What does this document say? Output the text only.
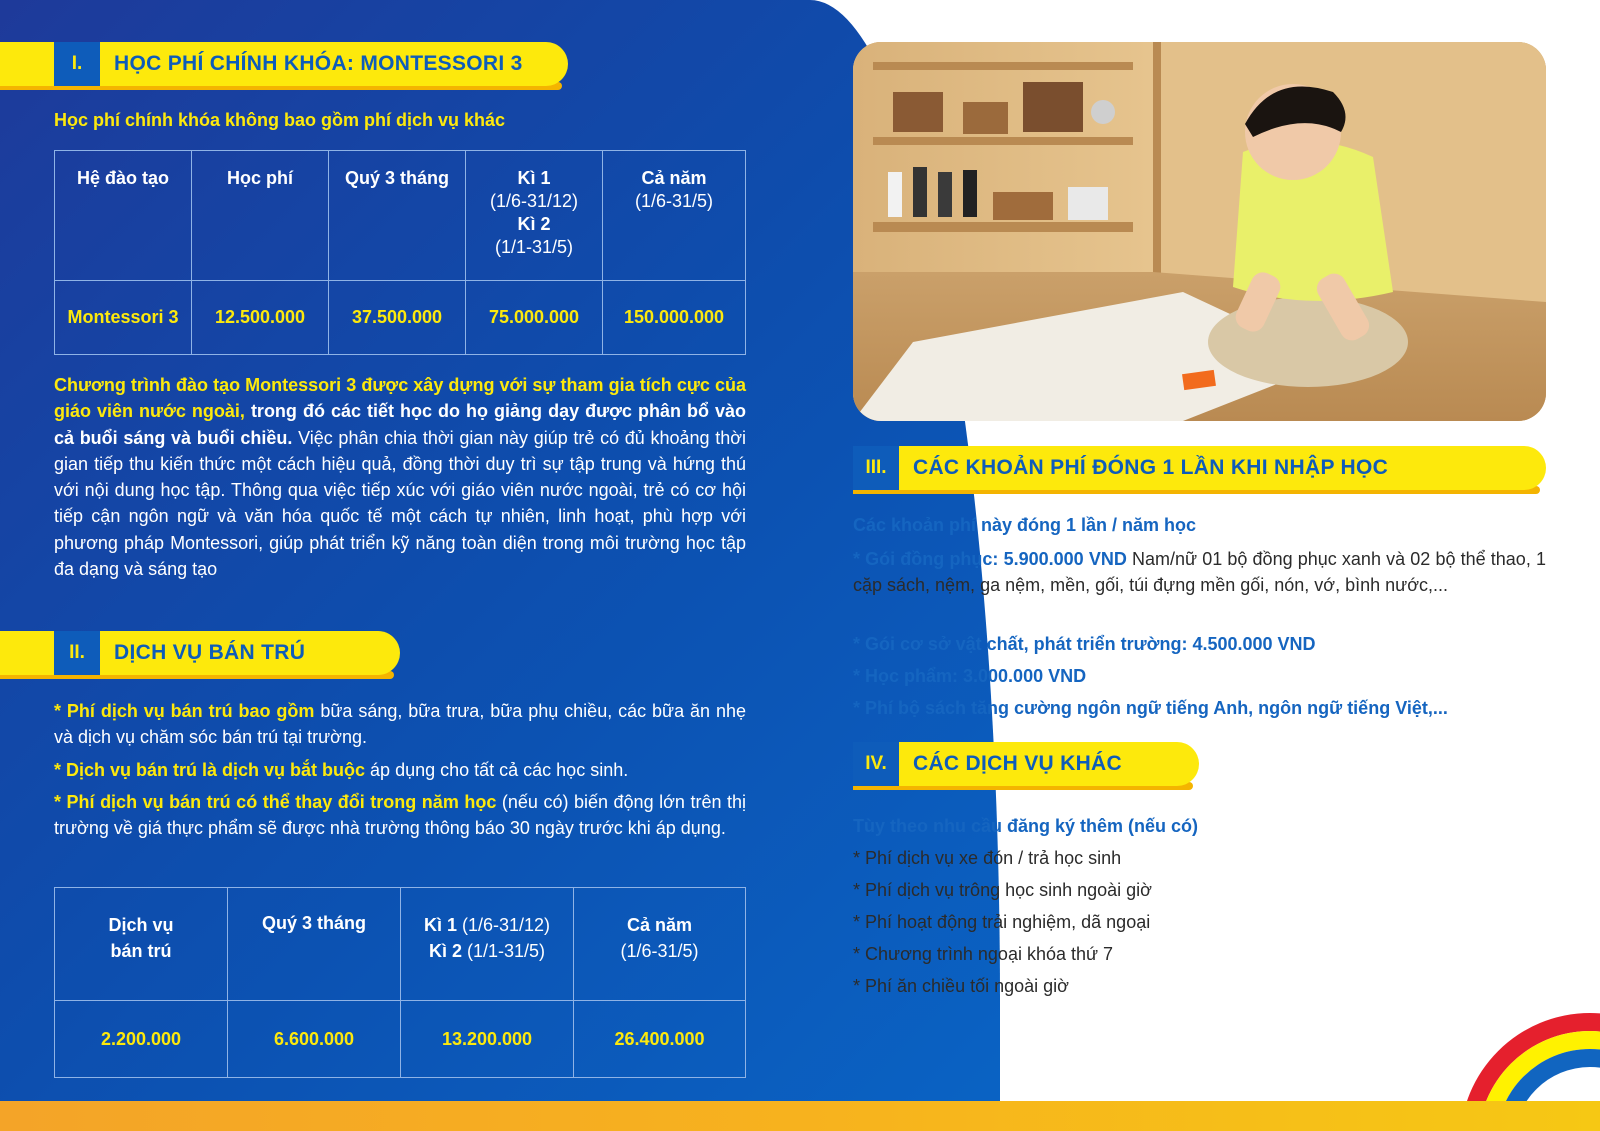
I.	HỌC PHÍ CHÍNH KHÓA: MONTESSORI 3
Học phí chính khóa không bao gồm phí dịch vụ khác
Hệ đào tạo	Học phí	Quý 3 tháng	Kì 1
(1/6-31/12)
Kì 2
(1/1-31/5)	Cả năm
(1/6-31/5)

Montessori 3	12.500.000	37.500.000	75.000.000	150.000.000
Chương trình đào tạo Montessori 3 được xây dựng với sự tham gia tích cực của giáo viên nước ngoài, trong đó các tiết học do họ giảng dạy được phân bổ vào cả buổi sáng và buổi chiều. Việc phân chia thời gian này giúp trẻ có đủ khoảng thời gian tiếp thu kiến thức một cách hiệu quả, đồng thời duy trì sự tập trung và hứng thú với nội dung học tập. Thông qua việc tiếp xúc với giáo viên nước ngoài, trẻ có cơ hội tiếp cận ngôn ngữ và văn hóa quốc tế một cách tự nhiên, linh hoạt, phù hợp với phương pháp Montessori, giúp phát triển kỹ năng toàn diện trong môi trường học tập đa dạng và sáng tạo
II.	DỊCH VỤ BÁN TRÚ
* Phí dịch vụ bán trú bao gồm bữa sáng, bữa trưa, bữa phụ chiều, các bữa ăn nhẹ và dịch vụ chăm sóc bán trú tại trường.
* Dịch vụ bán trú là dịch vụ bắt buộc áp dụng cho tất cả các học sinh.
* Phí dịch vụ bán trú có thể thay đổi trong năm học (nếu có) biến động lớn trên thị trường về giá thực phẩm sẽ được nhà trường thông báo 30 ngày trước khi áp dụng.
Dịch vụ
bán trú	Quý 3 tháng	Kì 1 (1/6-31/12)
Kì 2 (1/1-31/5)	Cả năm
(1/6-31/5)

2.200.000	6.600.000	13.200.000	26.400.000
III.	CÁC KHOẢN PHÍ ĐÓNG 1 LẦN KHI NHẬP HỌC
Các khoản phí này đóng 1 lần / năm học
* Gói đồng phục: 5.900.000 VND Nam/nữ 01 bộ đồng phục xanh và 02 bộ thể thao, 1 cặp sách, nệm, ga nệm, mền, gối, túi đựng mền gối, nón, vớ, bình nước,...
* Gói cơ sở vật chất, phát triển trường: 4.500.000 VND
* Học phẩm: 3.000.000 VND
* Phí bộ sách tăng cường ngôn ngữ tiếng Anh, ngôn ngữ tiếng Việt,...
IV.	CÁC DỊCH VỤ KHÁC
Tùy theo nhu cầu đăng ký thêm (nếu có)
* Phí dịch vụ xe đón / trả học sinh
* Phí dịch vụ trông học sinh ngoài giờ
* Phí hoạt động trải nghiệm, dã ngoại
* Chương trình ngoại khóa thứ 7
* Phí ăn chiều tối ngoài giờ
